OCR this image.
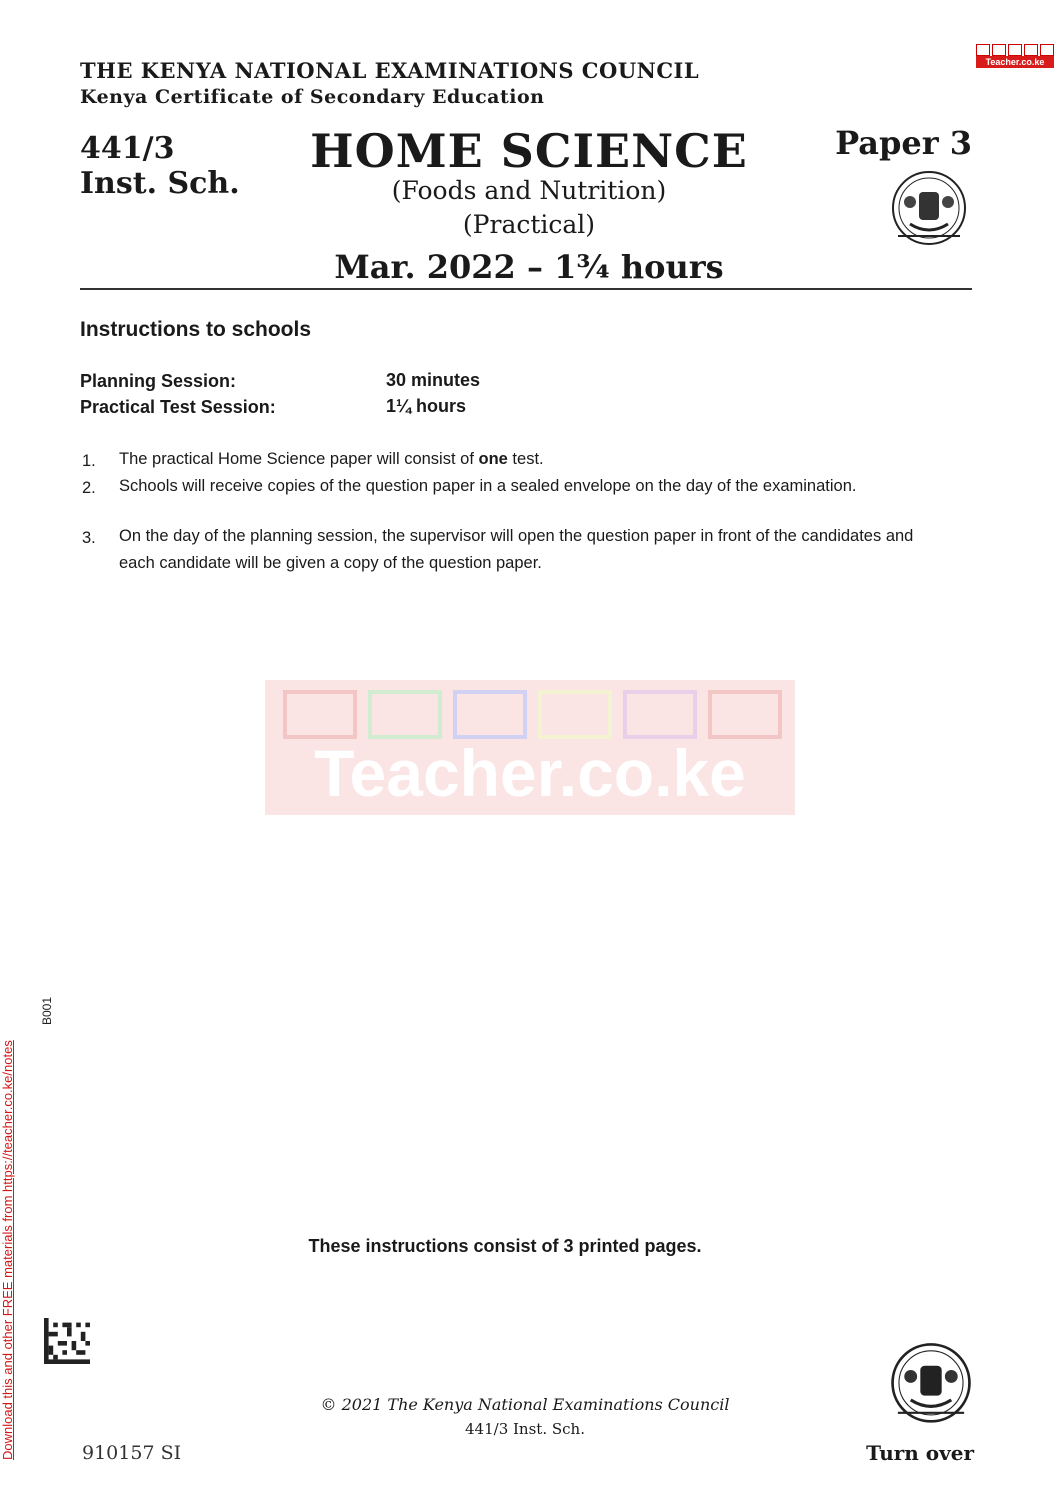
THE KENYA NATIONAL EXAMINATIONS COUNCIL
Kenya Certificate of Secondary Education
441/3
Inst. Sch.
HOME SCIENCE
(Foods and Nutrition)
(Practical)
Mar. 2022 – 1¾ hours
Paper 3
Teacher.co.ke
Instructions to schools
Planning Session:	30 minutes
Practical Test Session:	1¼ hours
1. The practical Home Science paper will consist of one test.
2. Schools will receive copies of the question paper in a sealed envelope on the day of the examination.
3. On the day of the planning session, the supervisor will open the question paper in front of the candidates and each candidate will be given a copy of the question paper.
Teacher.co.ke
These instructions consist of 3 printed pages.
© 2021 The Kenya National Examinations Council
441/3 Inst. Sch.
910157 SI	Turn over
Download this and other FREE materials from https://teacher.co.ke/notes
B001
